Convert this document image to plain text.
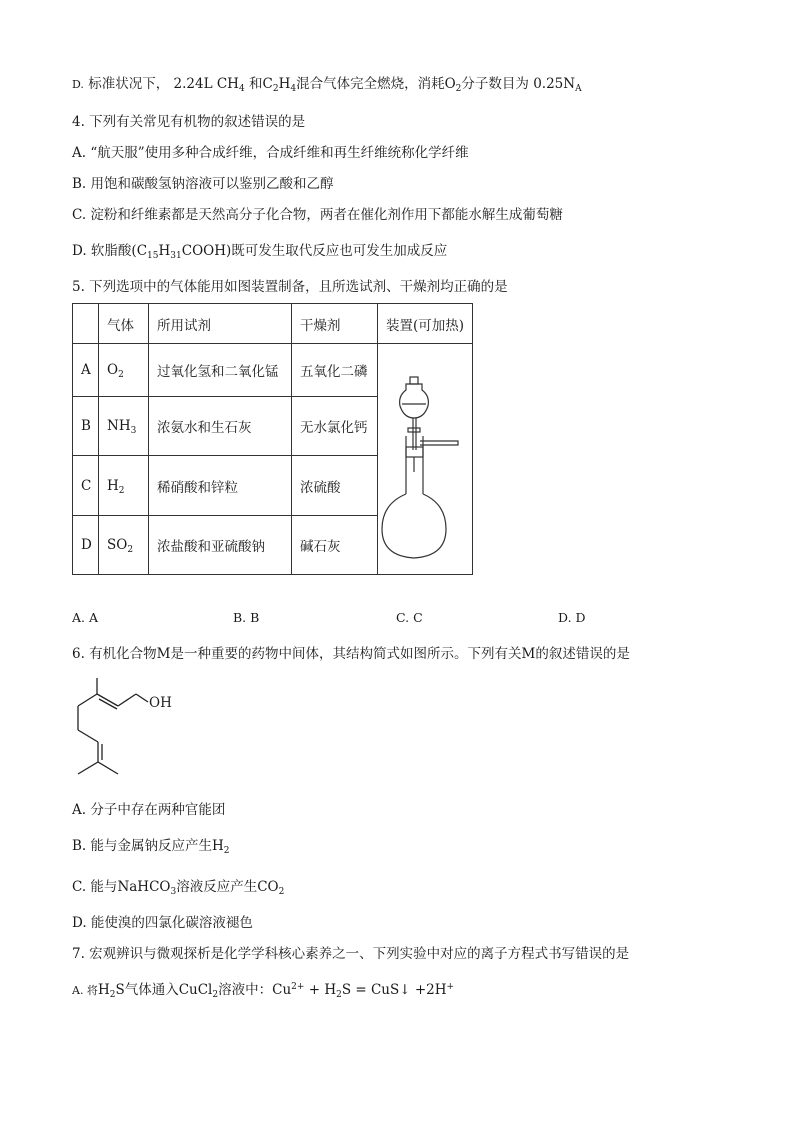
D. 标准状况下， 2.24L $CH_4$ 和$C_2H_4$混合气体完全燃烧，消耗$O_2$分子数目为 $0.25N_A$
4. 下列有关常见有机物的叙述错误的是
A. “航天服”使用多种合成纤维，合成纤维和再生纤维统称化学纤维
B. 用饱和碳酸氢钠溶液可以鉴别乙酸和乙醇
C. 淀粉和纤维素都是天然高分子化合物，两者在催化剂作用下都能水解生成葡萄糖
D. 软脂酸$(C_{15}H_{31}COOH)$既可发生取代反应也可发生加成反应
5. 下列选项中的气体能用如图装置制备，且所选试剂、干燥剂均正确的是
	气体	所用试剂	干燥剂	装置(可加热)
A	$O_2$	过氧化氢和二氧化锰	五氧化二磷	
B	$NH_3$	浓氨水和生石灰	无水氯化钙	
C	$H_2$	稀硝酸和锌粒	浓硫酸	
D	$SO_2$	浓盐酸和亚硫酸钠	碱石灰	
A. A	B. B	C. C	D. D
6. 有机化合物M是一种重要的药物中间体，其结构简式如图所示。下列有关M的叙述错误的是
OH
A. 分子中存在两种官能团
B. 能与金属钠反应产生$H_2$
C. 能与NaHCO$_3$溶液反应产生$CO_2$
D. 能使溴的四氯化碳溶液褪色
7. 宏观辨识与微观探析是化学学科核心素养之一、下列实验中对应的离子方程式书写错误的是
A. 将$H_2S$气体通入CuCl$_2$溶液中：$Cu^{2+} + H_2S$ = CuS↓ +2H+
